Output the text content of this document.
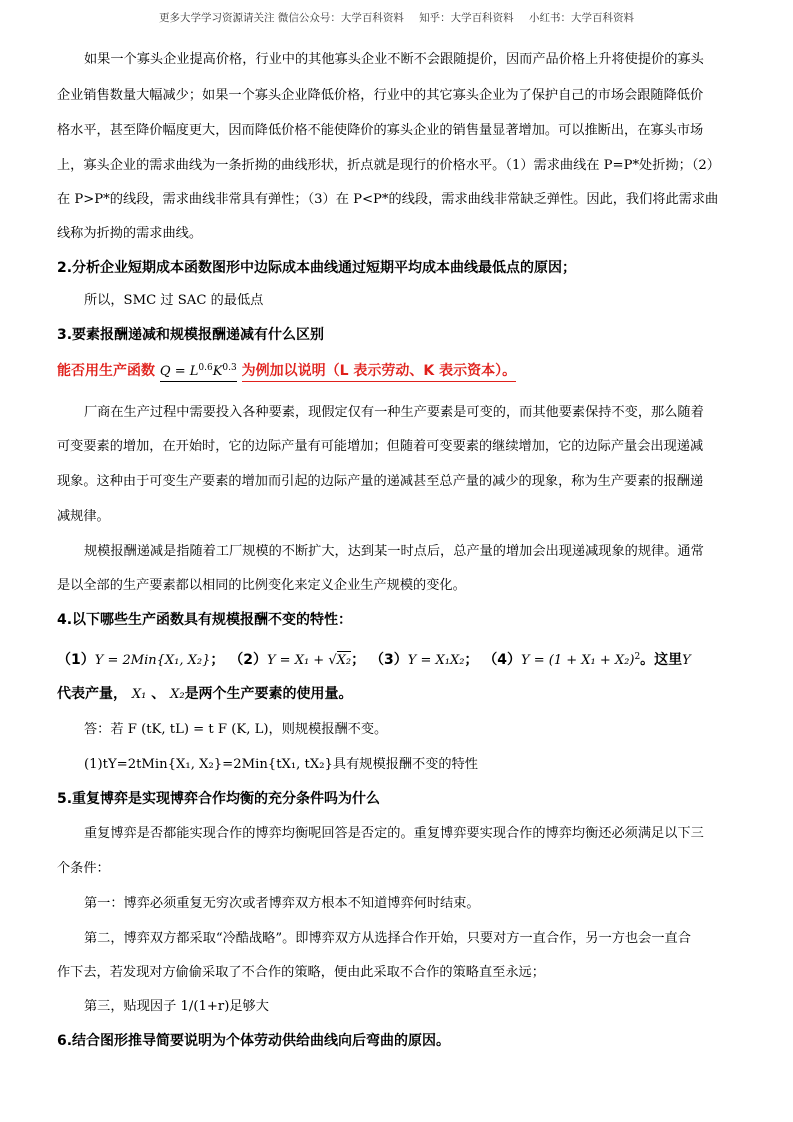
更多大学学习资源请关注 微信公众号：大学百科资料 知乎：大学百科资料 小红书：大学百科资料
如果一个寡头企业提高价格，行业中的其他寡头企业不断不会跟随提价，因而产品价格上升将使提价的寡头
企业销售数量大幅减少；如果一个寡头企业降低价格，行业中的其它寡头企业为了保护自己的市场会跟随降低价
格水平，甚至降价幅度更大，因而降低价格不能使降价的寡头企业的销售量显著增加。可以推断出，在寡头市场
上，寡头企业的需求曲线为一条折拗的曲线形状，折点就是现行的价格水平。（1）需求曲线在 P=P*处折拗；（2）
在 P>P*的线段，需求曲线非常具有弹性；（3）在 P<P*的线段，需求曲线非常缺乏弹性。因此，我们将此需求曲
线称为折拗的需求曲线。
2.分析企业短期成本函数图形中边际成本曲线通过短期平均成本曲线最低点的原因；
所以，SMC 过 SAC 的最低点
3.要素报酬递减和规模报酬递减有什么区别
能否用生产函数 $Q = L^{0.6}K^{0.3}$ 为例加以说明（L 表示劳动、K 表示资本）。
厂商在生产过程中需要投入各种要素，现假定仅有一种生产要素是可变的，而其他要素保持不变，那么随着
可变要素的增加，在开始时，它的边际产量有可能增加；但随着可变要素的继续增加，它的边际产量会出现递减
现象。这种由于可变生产要素的增加而引起的边际产量的递减甚至总产量的减少的现象，称为生产要素的报酬递
减规律。
规模报酬递减是指随着工厂规模的不断扩大，达到某一时点后，总产量的增加会出现递减现象的规律。通常
是以全部的生产要素都以相同的比例变化来定义企业生产规模的变化。
4.以下哪些生产函数具有规模报酬不变的特性：
（1）Y = 2Min{X₁, X₂}； （2）Y = X₁ + √X₂； （3）Y = X₁X₂； $(4)Y = (1 + X_1 + X_2)^2$。这里Y
代表产量， X₁ 、 X₂是两个生产要素的使用量。
答：若 F (tK, tL) = t F (K, L)，则规模报酬不变。
(1)tY=2tMin{X₁, X₂}=2Min{tX₁, tX₂}具有规模报酬不变的特性
5.重复博弈是实现博弈合作均衡的充分条件吗为什么
重复博弈是否都能实现合作的博弈均衡呢回答是否定的。重复博弈要实现合作的博弈均衡还必须满足以下三
个条件：
第一：博弈必须重复无穷次或者博弈双方根本不知道博弈何时结束。
第二，博弈双方都采取“冷酷战略”。即博弈双方从选择合作开始，只要对方一直合作，另一方也会一直合
作下去，若发现对方偷偷采取了不合作的策略，便由此采取不合作的策略直至永远；
第三，贴现因子 1/(1+r)足够大
6.结合图形推导简要说明为个体劳动供给曲线向后弯曲的原因。
